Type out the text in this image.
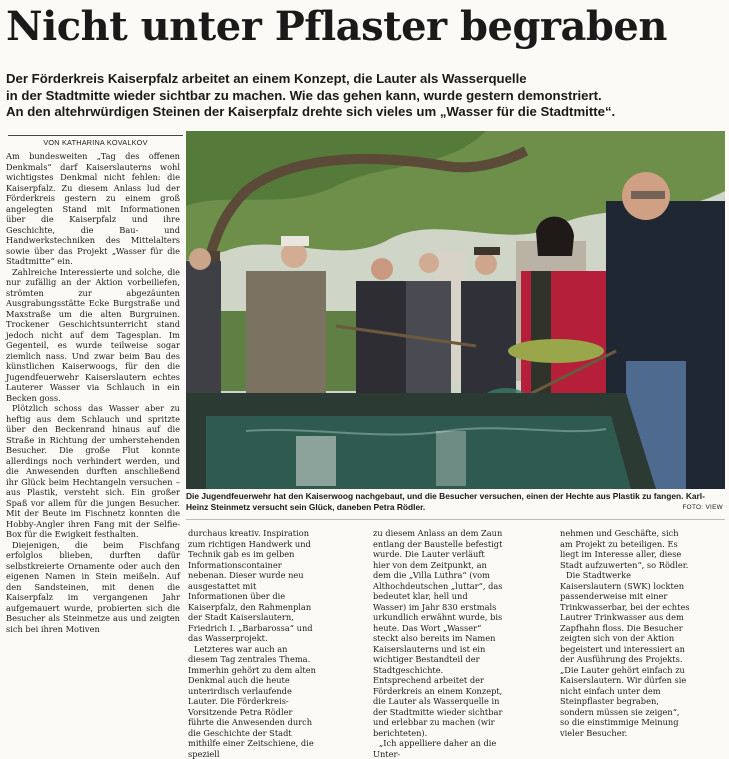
Nicht unter Pflaster begraben
Der Förderkreis Kaiserpfalz arbeitet an einem Konzept, die Lauter als Wasserquelle
in der Stadtmitte wieder sichtbar zu machen. Wie das gehen kann, wurde gestern demonstriert.
An den altehrwürdigen Steinen der Kaiserpfalz drehte sich vieles um „Wasser für die Stadtmitte“.
VON KATHARINA KOVALKOV

Am bundesweiten „Tag des offenen Denkmals“ darf Kaiserslauterns wohl wichtigstes Denkmal nicht fehlen: die Kaiserpfalz. Zu diesem Anlass lud der Förderkreis gestern zu einem groß angelegten Stand mit Informationen über die Kaiserpfalz und ihre Geschichte, die Bau- und Handwerkstechniken des Mittelalters sowie über das Projekt „Wasser für die Stadtmitte“ ein.

Zahlreiche Interessierte und solche, die nur zufällig an der Aktion vorbeiliefen, strömten zur abgezäunten Ausgrabungsstätte Ecke Burgstraße und Maxstraße um die alten Burgruinen. Trockener Geschichtsunterricht stand jedoch nicht auf dem Tagesplan. Im Gegenteil, es wurde teilweise sogar ziemlich nass. Und zwar beim Bau des künstlichen Kaiserwoogs, für den die Jugendfeuerwehr Kaiserslautern echtes Lauterer Wasser via Schlauch in ein Becken goss.

Plötzlich schoss das Wasser aber zu heftig aus dem Schlauch und spritzte über den Beckenrand hinaus auf die Straße in Richtung der umherstehenden Besucher. Die große Flut konnte allerdings noch verhindert werden, und die Anwesenden durften anschließend ihr Glück beim Hechtangeln versuchen – aus Plastik, versteht sich. Ein großer Spaß vor allem für die jungen Besucher. Mit der Beute im Fischnetz konnten die Hobby-Angler ihren Fang mit der Selfie-Box für die Ewigkeit festhalten.

Diejenigen, die beim Fischfang erfolglos blieben, durften dafür selbstkreierte Ornamente oder auch den eigenen Namen in Stein meißeln. Auf den Sandsteinen, mit denen die Kaiserpfalz im vergangenen Jahr aufgemauert wurde, probierten sich die Besucher als Steinmetze aus und zeigten sich bei ihren Motiven

Die Jugendfeuerwehr hat den Kaiserwoog nachgebaut, und die Besucher versuchen, einen der Hechte aus Plastik zu fangen. Karl-Heinz Steinmetz versucht sein Glück, daneben Petra Rödler.	FOTO: VIEW

durchaus kreativ. Inspiration zum richtigen Handwerk und Technik gab es im gelben Informationscontainer nebenan. Dieser wurde neu ausgestattet mit Informationen über die Kaiserpfalz, den Rahmenplan der Stadt Kaiserslautern, Friedrich I. „Barbarossa“ und das Wasserprojekt.

Letzteres war auch an diesem Tag zentrales Thema. Immerhin gehört zu dem alten Denkmal auch die heute unterirdisch verlaufende Lauter. Die Förderkreis-Vorsitzende Petra Rödler führte die Anwesenden durch die Geschichte der Stadt mithilfe einer Zeitschiene, die speziell

zu diesem Anlass an dem Zaun entlang der Baustelle befestigt wurde. Die Lauter verläuft hier von dem Zeitpunkt, an dem die „Villa Luthra“ (vom Althochdeutschen „luttar“, das bedeutet klar, hell und Wasser) im Jahr 830 erstmals urkundlich erwähnt wurde, bis heute. Das Wort „Wasser“ steckt also bereits im Namen Kaiserslauterns und ist ein wichtiger Bestandteil der Stadtgeschichte. Entsprechend arbeitet der Förderkreis an einem Konzept, die Lauter als Wasserquelle in der Stadtmitte wieder sichtbar und erlebbar zu machen (wir berichteten).

„Ich appelliere daher an die Unter-

nehmen und Geschäfte, sich am Projekt zu beteiligen. Es liegt im Interesse aller, diese Stadt aufzuwerten“, so Rödler.

Die Stadtwerke Kaiserslautern (SWK) lockten passenderweise mit einer Trinkwasserbar, bei der echtes Lautrer Trinkwasser aus dem Zapfhahn floss. Die Besucher zeigten sich von der Aktion begeistert und interessiert an der Ausführung des Projekts. „Die Lauter gehört einfach zu Kaiserslautern. Wir dürfen sie nicht einfach unter dem Steinpflaster begraben, sondern müssen sie zeigen“, so die einstimmige Meinung vieler Besucher.
